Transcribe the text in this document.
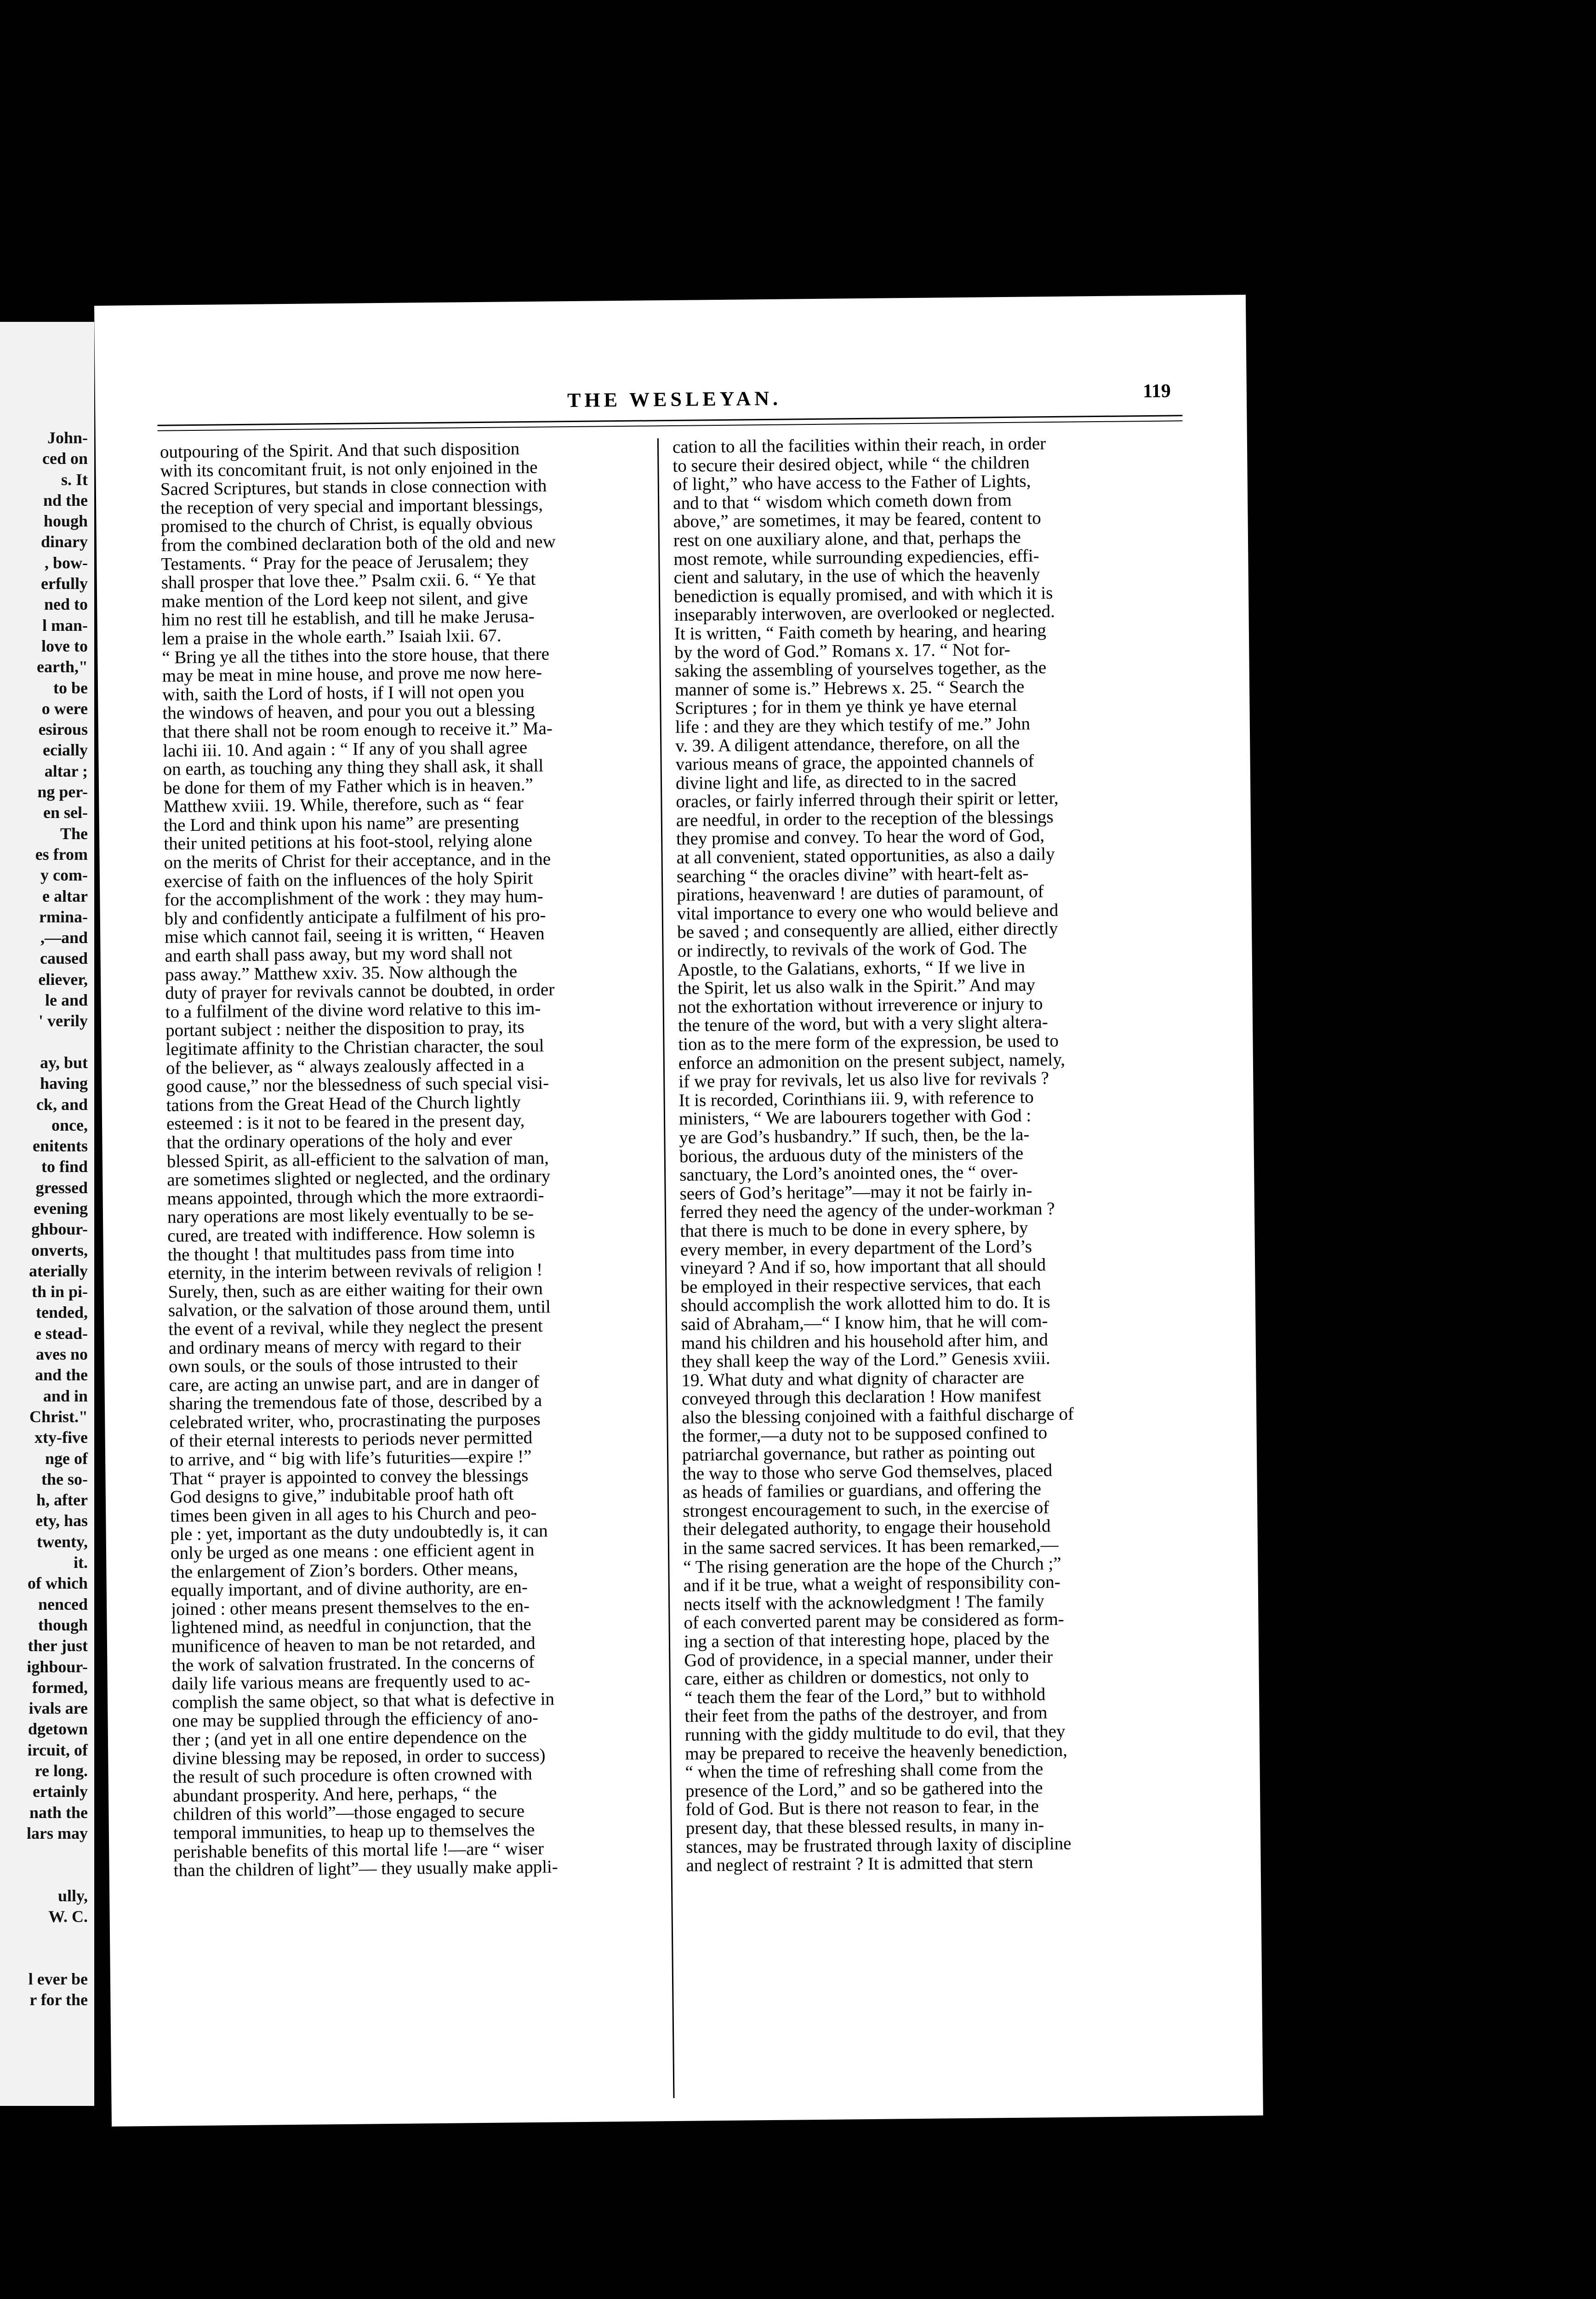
John-
ced on
s. It
nd the
hough
dinary
, bow-
erfully
ned to
l man-
love to
earth,"
to be
o were
esirous
ecially
altar ;
ng per-
en sel-
The
es from
y com-
e altar
rmina-
,—and
caused
eliever,
le and
' verily
ay, but
having
ck, and
once,
enitents
to find
gressed
evening
ghbour-
onverts,
aterially
th in pi-
tended,
e stead-
aves no
and the
and in
Christ."
xty-five
nge of
the so-
h, after
ety, has
twenty,
it.
of which
nenced
though
ther just
ighbour-
formed,
ivals are
dgetown
ircuit, of
re long.
ertainly
nath the
lars may
ully,
W. C.
l ever be
r for the
THE WESLEYAN.	119
outpouring of the Spirit. And that such disposition
with its concomitant fruit, is not only enjoined in the
Sacred Scriptures, but stands in close connection with
the reception of very special and important blessings,
promised to the church of Christ, is equally obvious
from the combined declaration both of the old and new
Testaments. “ Pray for the peace of Jerusalem; they
shall prosper that love thee.” Psalm cxii. 6. “ Ye that
make mention of the Lord keep not silent, and give
him no rest till he establish, and till he make Jerusa-
lem a praise in the whole earth.” Isaiah lxii. 67.
“ Bring ye all the tithes into the store house, that there
may be meat in mine house, and prove me now here-
with, saith the Lord of hosts, if I will not open you
the windows of heaven, and pour you out a blessing
that there shall not be room enough to receive it.” Ma-
lachi iii. 10. And again : “ If any of you shall agree
on earth, as touching any thing they shall ask, it shall
be done for them of my Father which is in heaven.”
Matthew xviii. 19. While, therefore, such as “ fear
the Lord and think upon his name” are presenting
their united petitions at his foot-stool, relying alone
on the merits of Christ for their acceptance, and in the
exercise of faith on the influences of the holy Spirit
for the accomplishment of the work : they may hum-
bly and confidently anticipate a fulfilment of his pro-
mise which cannot fail, seeing it is written, “ Heaven
and earth shall pass away, but my word shall not
pass away.” Matthew xxiv. 35. Now although the
duty of prayer for revivals cannot be doubted, in order
to a fulfilment of the divine word relative to this im-
portant subject : neither the disposition to pray, its
legitimate affinity to the Christian character, the soul
of the believer, as “ always zealously affected in a
good cause,” nor the blessedness of such special visi-
tations from the Great Head of the Church lightly
esteemed : is it not to be feared in the present day,
that the ordinary operations of the holy and ever
blessed Spirit, as all-efficient to the salvation of man,
are sometimes slighted or neglected, and the ordinary
means appointed, through which the more extraordi-
nary operations are most likely eventually to be se-
cured, are treated with indifference. How solemn is
the thought ! that multitudes pass from time into
eternity, in the interim between revivals of religion !
Surely, then, such as are either waiting for their own
salvation, or the salvation of those around them, until
the event of a revival, while they neglect the present
and ordinary means of mercy with regard to their
own souls, or the souls of those intrusted to their
care, are acting an unwise part, and are in danger of
sharing the tremendous fate of those, described by a
celebrated writer, who, procrastinating the purposes
of their eternal interests to periods never permitted
to arrive, and “ big with life’s futurities—expire !”
That “ prayer is appointed to convey the blessings
God designs to give,” indubitable proof hath oft
times been given in all ages to his Church and peo-
ple : yet, important as the duty undoubtedly is, it can
only be urged as one means : one efficient agent in
the enlargement of Zion’s borders. Other means,
equally important, and of divine authority, are en-
joined : other means present themselves to the en-
lightened mind, as needful in conjunction, that the
munificence of heaven to man be not retarded, and
the work of salvation frustrated. In the concerns of
daily life various means are frequently used to ac-
complish the same object, so that what is defective in
one may be supplied through the efficiency of ano-
ther ; (and yet in all one entire dependence on the
divine blessing may be reposed, in order to success)
the result of such procedure is often crowned with
abundant prosperity. And here, perhaps, “ the
children of this world”—those engaged to secure
temporal immunities, to heap up to themselves the
perishable benefits of this mortal life !—are “ wiser
than the children of light”— they usually make appli-
cation to all the facilities within their reach, in order
to secure their desired object, while “ the children
of light,” who have access to the Father of Lights,
and to that “ wisdom which cometh down from
above,” are sometimes, it may be feared, content to
rest on one auxiliary alone, and that, perhaps the
most remote, while surrounding expediencies, effi-
cient and salutary, in the use of which the heavenly
benediction is equally promised, and with which it is
inseparably interwoven, are overlooked or neglected.
It is written, “ Faith cometh by hearing, and hearing
by the word of God.” Romans x. 17. “ Not for-
saking the assembling of yourselves together, as the
manner of some is.” Hebrews x. 25. “ Search the
Scriptures ; for in them ye think ye have eternal
life : and they are they which testify of me.” John
v. 39. A diligent attendance, therefore, on all the
various means of grace, the appointed channels of
divine light and life, as directed to in the sacred
oracles, or fairly inferred through their spirit or letter,
are needful, in order to the reception of the blessings
they promise and convey. To hear the word of God,
at all convenient, stated opportunities, as also a daily
searching “ the oracles divine” with heart-felt as-
pirations, heavenward ! are duties of paramount, of
vital importance to every one who would believe and
be saved ; and consequently are allied, either directly
or indirectly, to revivals of the work of God. The
Apostle, to the Galatians, exhorts, “ If we live in
the Spirit, let us also walk in the Spirit.” And may
not the exhortation without irreverence or injury to
the tenure of the word, but with a very slight altera-
tion as to the mere form of the expression, be used to
enforce an admonition on the present subject, namely,
if we pray for revivals, let us also live for revivals ?
It is recorded, Corinthians iii. 9, with reference to
ministers, “ We are labourers together with God :
ye are God’s husbandry.” If such, then, be the la-
borious, the arduous duty of the ministers of the
sanctuary, the Lord’s anointed ones, the “ over-
seers of God’s heritage”—may it not be fairly in-
ferred they need the agency of the under-workman ?
that there is much to be done in every sphere, by
every member, in every department of the Lord’s
vineyard ? And if so, how important that all should
be employed in their respective services, that each
should accomplish the work allotted him to do. It is
said of Abraham,—“ I know him, that he will com-
mand his children and his household after him, and
they shall keep the way of the Lord.” Genesis xviii.
19. What duty and what dignity of character are
conveyed through this declaration ! How manifest
also the blessing conjoined with a faithful discharge of
the former,—a duty not to be supposed confined to
patriarchal governance, but rather as pointing out
the way to those who serve God themselves, placed
as heads of families or guardians, and offering the
strongest encouragement to such, in the exercise of
their delegated authority, to engage their household
in the same sacred services. It has been remarked,—
“ The rising generation are the hope of the Church ;”
and if it be true, what a weight of responsibility con-
nects itself with the acknowledgment ! The family
of each converted parent may be considered as form-
ing a section of that interesting hope, placed by the
God of providence, in a special manner, under their
care, either as children or domestics, not only to
“ teach them the fear of the Lord,” but to withhold
their feet from the paths of the destroyer, and from
running with the giddy multitude to do evil, that they
may be prepared to receive the heavenly benediction,
“ when the time of refreshing shall come from the
presence of the Lord,” and so be gathered into the
fold of God. But is there not reason to fear, in the
present day, that these blessed results, in many in-
stances, may be frustrated through laxity of discipline
and neglect of restraint ? It is admitted that stern
